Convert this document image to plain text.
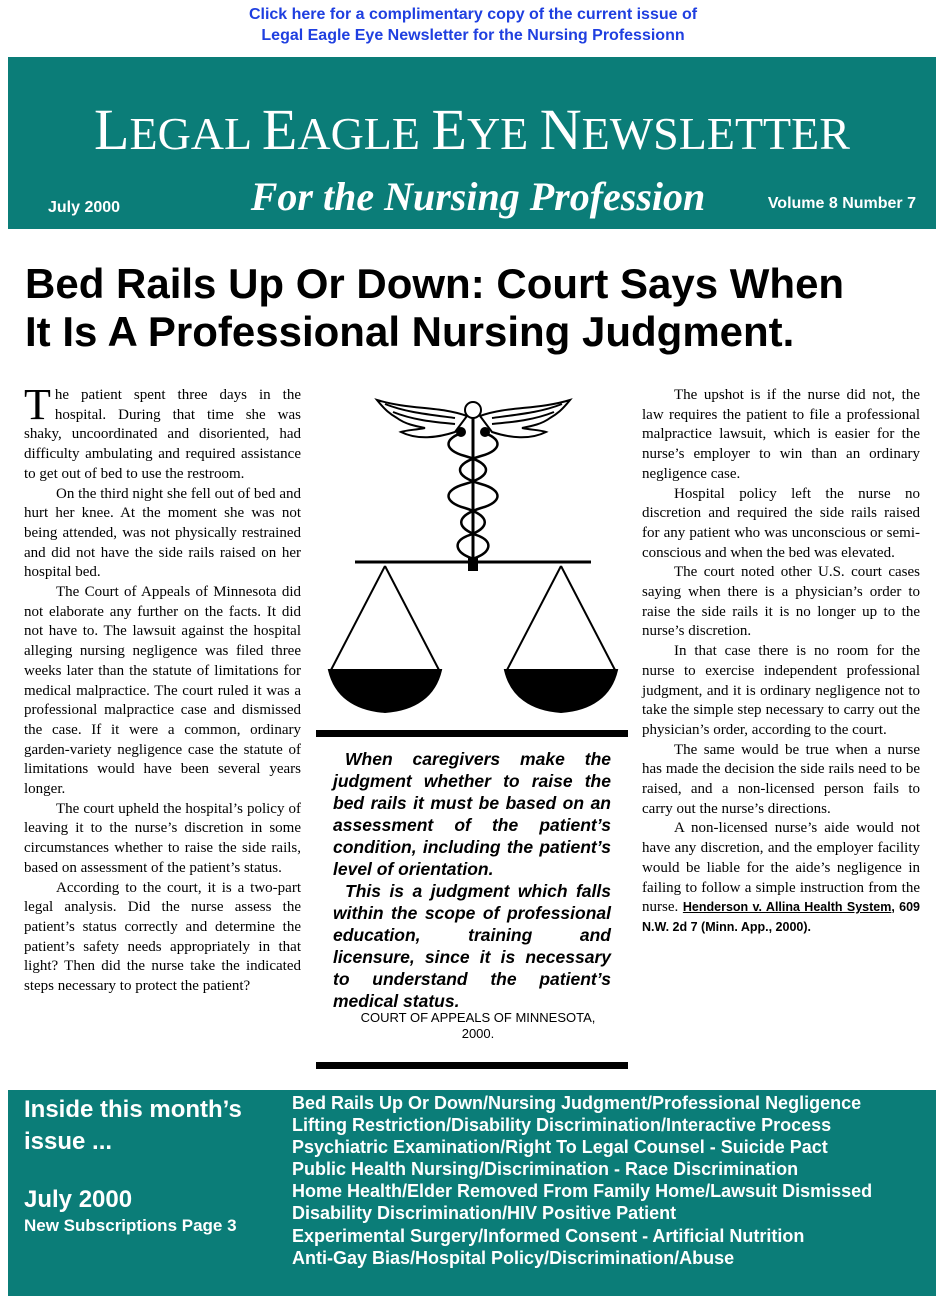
Click here for a complimentary copy of the current issue of
Legal Eagle Eye Newsletter for the Nursing Professionn
LEGAL EAGLE EYE NEWSLETTER
July 2000	For the Nursing Profession	Volume 8 Number 7
Bed Rails Up Or Down: Court Says When
It Is A Professional Nursing Judgment.

The patient spent three days in the hospital. During that time she was shaky, uncoordinated and disoriented, had difficulty ambulating and required assistance to get out of bed to use the restroom.

On the third night she fell out of bed and hurt her knee. At the moment she was not being attended, was not physically restrained and did not have the side rails raised on her hospital bed.

The Court of Appeals of Minnesota did not elaborate any further on the facts. It did not have to. The lawsuit against the hospital alleging nursing negligence was filed three weeks later than the statute of limitations for medical malpractice. The court ruled it was a professional malpractice case and dismissed the case. If it were a common, ordinary garden-variety negligence case the statute of limitations would have been several years longer.

The court upheld the hospital’s policy of leaving it to the nurse’s discretion in some circumstances whether to raise the side rails, based on assessment of the patient’s status.

According to the court, it is a two-part legal analysis. Did the nurse assess the patient’s status correctly and determine the patient’s safety needs appropriately in that light? Then did the nurse take the indicated steps necessary to protect the patient?

When caregivers make the judgment whether to raise the bed rails it must be based on an assessment of the patient’s condition, including the patient’s level of orientation.

This is a judgment which falls within the scope of professional education, training and licensure, since it is necessary to understand the patient’s medical status.

COURT OF APPEALS OF MINNESOTA,
2000.

The upshot is if the nurse did not, the law requires the patient to file a professional malpractice lawsuit, which is easier for the nurse’s employer to win than an ordinary negligence case.

Hospital policy left the nurse no discretion and required the side rails raised for any patient who was unconscious or semi-conscious and when the bed was elevated.

The court noted other U.S. court cases saying when there is a physician’s order to raise the side rails it is no longer up to the nurse’s discretion.

In that case there is no room for the nurse to exercise independent professional judgment, and it is ordinary negligence not to take the simple step necessary to carry out the physician’s order, according to the court.

The same would be true when a nurse has made the decision the side rails need to be raised, and a non-licensed person fails to carry out the nurse’s directions.

A non-licensed nurse’s aide would not have any discretion, and the employer facility would be liable for the aide’s negligence in failing to follow a simple instruction from the nurse. Henderson v. Allina Health System, 609 N.W. 2d 7 (Minn. App., 2000).

Inside this month’s issue ...
July 2000
New Subscriptions Page 3
Bed Rails Up Or Down/Nursing Judgment/Professional Negligence
Lifting Restriction/Disability Discrimination/Interactive Process
Psychiatric Examination/Right To Legal Counsel - Suicide Pact
Public Health Nursing/Discrimination - Race Discrimination
Home Health/Elder Removed From Family Home/Lawsuit Dismissed
Disability Discrimination/HIV Positive Patient
Experimental Surgery/Informed Consent - Artificial Nutrition
Anti-Gay Bias/Hospital Policy/Discrimination/Abuse
